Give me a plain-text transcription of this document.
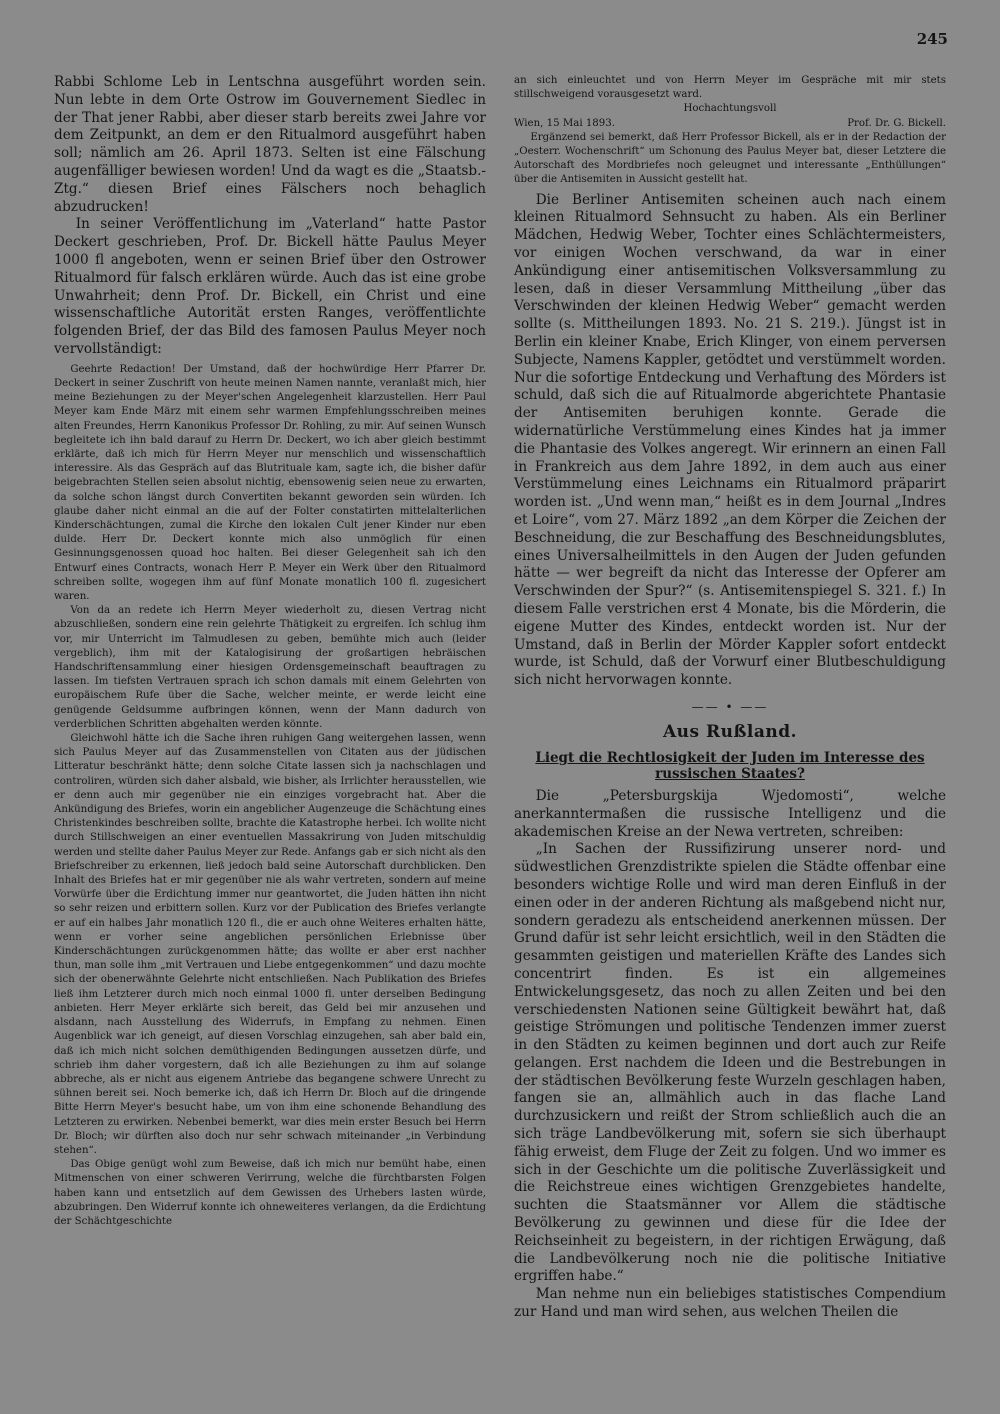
245

Rabbi Schlome Leb in Lentschna ausgeführt worden sein. Nun lebte in dem Orte Ostrow im Gouvernement Siedlec in der That jener Rabbi, aber dieser starb bereits zwei Jahre vor dem Zeitpunkt, an dem er den Ritualmord ausgeführt haben soll; nämlich am 26. April 1873. Selten ist eine Fälschung augenfälliger bewiesen worden! Und da wagt es die „Staatsb.-Ztg.“ diesen Brief eines Fälschers noch behaglich abzudrucken!

In seiner Veröffentlichung im „Vaterland“ hatte Pastor Deckert geschrieben, Prof. Dr. Bickell hätte Paulus Meyer 1000 fl angeboten, wenn er seinen Brief über den Ostrower Ritualmord für falsch erklären würde. Auch das ist eine grobe Unwahrheit; denn Prof. Dr. Bickell, ein Christ und eine wissenschaftliche Autorität ersten Ranges, veröffentlichte folgenden Brief, der das Bild des famosen Paulus Meyer noch vervollständigt:

Geehrte Redaction! Der Umstand, daß der hochwürdige Herr Pfarrer Dr. Deckert in seiner Zuschrift von heute meinen Namen nannte, veranlaßt mich, hier meine Beziehungen zu der Meyer'schen Angelegenheit klarzustellen. Herr Paul Meyer kam Ende März mit einem sehr warmen Empfehlungsschreiben meines alten Freundes, Herrn Kanonikus Professor Dr. Rohling, zu mir. Auf seinen Wunsch begleitete ich ihn bald darauf zu Herrn Dr. Deckert, wo ich aber gleich bestimmt erklärte, daß ich mich für Herrn Meyer nur menschlich und wissenschaftlich interessire. Als das Gespräch auf das Blutrituale kam, sagte ich, die bisher dafür beigebrachten Stellen seien absolut nichtig, ebensowenig seien neue zu erwarten, da solche schon längst durch Convertiten bekannt geworden sein würden. Ich glaube daher nicht einmal an die auf der Folter constatirten mittelalterlichen Kinderschächtungen, zumal die Kirche den lokalen Cult jener Kinder nur eben dulde. Herr Dr. Deckert konnte mich also unmöglich für einen Gesinnungsgenossen quoad hoc halten. Bei dieser Gelegenheit sah ich den Entwurf eines Contracts, wonach Herr P. Meyer ein Werk über den Ritualmord schreiben sollte, wogegen ihm auf fünf Monate monatlich 100 fl. zugesichert waren.

Von da an redete ich Herrn Meyer wiederholt zu, diesen Vertrag nicht abzuschließen, sondern eine rein gelehrte Thätigkeit zu ergreifen. Ich schlug ihm vor, mir Unterricht im Talmudlesen zu geben, bemühte mich auch (leider vergeblich), ihm mit der Katalogisirung der großartigen hebräischen Handschriftensammlung einer hiesigen Ordensgemeinschaft beauftragen zu lassen. Im tiefsten Vertrauen sprach ich schon damals mit einem Gelehrten von europäischem Rufe über die Sache, welcher meinte, er werde leicht eine genügende Geldsumme aufbringen können, wenn der Mann dadurch von verderblichen Schritten abgehalten werden könnte.

Gleichwohl hätte ich die Sache ihren ruhigen Gang weitergehen lassen, wenn sich Paulus Meyer auf das Zusammenstellen von Citaten aus der jüdischen Litteratur beschränkt hätte; denn solche Citate lassen sich ja nachschlagen und controliren, würden sich daher alsbald, wie bisher, als Irrlichter herausstellen, wie er denn auch mir gegenüber nie ein einziges vorgebracht hat. Aber die Ankündigung des Briefes, worin ein angeblicher Augenzeuge die Schächtung eines Christenkindes beschreiben sollte, brachte die Katastrophe herbei. Ich wollte nicht durch Stillschweigen an einer eventuellen Massakrirung von Juden mitschuldig werden und stellte daher Paulus Meyer zur Rede. Anfangs gab er sich nicht als den Briefschreiber zu erkennen, ließ jedoch bald seine Autorschaft durchblicken. Den Inhalt des Briefes hat er mir gegenüber nie als wahr vertreten, sondern auf meine Vorwürfe über die Erdichtung immer nur geantwortet, die Juden hätten ihn nicht so sehr reizen und erbittern sollen. Kurz vor der Publication des Briefes verlangte er auf ein halbes Jahr monatlich 120 fl., die er auch ohne Weiteres erhalten hätte, wenn er vorher seine angeblichen persönlichen Erlebnisse über Kinderschächtungen zurückgenommen hätte; das wollte er aber erst nachher thun, man solle ihm „mit Vertrauen und Liebe entgegenkommen“ und dazu mochte sich der obenerwähnte Gelehrte nicht entschließen. Nach Publikation des Briefes ließ ihm Letzterer durch mich noch einmal 1000 fl. unter derselben Bedingung anbieten. Herr Meyer erklärte sich bereit, das Geld bei mir anzusehen und alsdann, nach Ausstellung des Widerrufs, in Empfang zu nehmen. Einen Augenblick war ich geneigt, auf diesen Vorschlag einzugehen, sah aber bald ein, daß ich mich nicht solchen demüthigenden Bedingungen aussetzen dürfe, und schrieb ihm daher vorgestern, daß ich alle Beziehungen zu ihm auf solange abbreche, als er nicht aus eigenem Antriebe das begangene schwere Unrecht zu sühnen bereit sei. Noch bemerke ich, daß ich Herrn Dr. Bloch auf die dringende Bitte Herrn Meyer's besucht habe, um von ihm eine schonende Behandlung des Letzteren zu erwirken. Nebenbei bemerkt, war dies mein erster Besuch bei Herrn Dr. Bloch; wir dürften also doch nur sehr schwach miteinander „in Verbindung stehen“.

Das Obige genügt wohl zum Beweise, daß ich mich nur bemüht habe, einen Mitmenschen von einer schweren Verirrung, welche die fürchtbarsten Folgen haben kann und entsetzlich auf dem Gewissen des Urhebers lasten würde, abzubringen. Den Widerruf konnte ich ohneweiteres verlangen, da die Erdichtung der Schächtgeschichte

an sich einleuchtet und von Herrn Meyer im Gespräche mit mir stets stillschweigend vorausgesetzt ward.

Hochachtungsvoll

Wien, 15 Mai 1893.	Prof. Dr. G. Bickell.

Ergänzend sei bemerkt, daß Herr Professor Bickell, als er in der Redaction der „Oesterr. Wochenschrift“ um Schonung des Paulus Meyer bat, dieser Letztere die Autorschaft des Mordbriefes noch geleugnet und interessante „Enthüllungen“ über die Antisemiten in Aussicht gestellt hat.

Die Berliner Antisemiten scheinen auch nach einem kleinen Ritualmord Sehnsucht zu haben. Als ein Berliner Mädchen, Hedwig Weber, Tochter eines Schlächtermeisters, vor einigen Wochen verschwand, da war in einer Ankündigung einer antisemitischen Volksversammlung zu lesen, daß in dieser Versammlung Mittheilung „über das Verschwinden der kleinen Hedwig Weber“ gemacht werden sollte (s. Mittheilungen 1893. No. 21 S. 219.). Jüngst ist in Berlin ein kleiner Knabe, Erich Klinger, von einem perversen Subjecte, Namens Kappler, getödtet und verstümmelt worden. Nur die sofortige Entdeckung und Verhaftung des Mörders ist schuld, daß sich die auf Ritualmorde abgerichtete Phantasie der Antisemiten beruhigen konnte. Gerade die widernatürliche Verstümmelung eines Kindes hat ja immer die Phantasie des Volkes angeregt. Wir erinnern an einen Fall in Frankreich aus dem Jahre 1892, in dem auch aus einer Verstümmelung eines Leichnams ein Ritualmord präparirt worden ist. „Und wenn man,“ heißt es in dem Journal „Indres et Loire“, vom 27. März 1892 „an dem Körper die Zeichen der Beschneidung, die zur Beschaffung des Beschneidungsblutes, eines Universalheilmittels in den Augen der Juden gefunden hätte — wer begreift da nicht das Interesse der Opferer am Verschwinden der Spur?“ (s. Antisemitenspiegel S. 321. f.) In diesem Falle verstrichen erst 4 Monate, bis die Mörderin, die eigene Mutter des Kindes, entdeckt worden ist. Nur der Umstand, daß in Berlin der Mörder Kappler sofort entdeckt wurde, ist Schuld, daß der Vorwurf einer Blutbeschuldigung sich nicht hervorwagen konnte.

—— • ——
Aus Rußland.
Liegt die Rechtlosigkeit der Juden im Interesse des russischen Staates?

Die „Petersburgskija Wjedomosti“, welche anerkanntermaßen die russische Intelligenz und die akademischen Kreise an der Newa vertreten, schreiben:

„In Sachen der Russifizirung unserer nord- und südwestlichen Grenzdistrikte spielen die Städte offenbar eine besonders wichtige Rolle und wird man deren Einfluß in der einen oder in der anderen Richtung als maßgebend nicht nur, sondern geradezu als entscheidend anerkennen müssen. Der Grund dafür ist sehr leicht ersichtlich, weil in den Städten die gesammten geistigen und materiellen Kräfte des Landes sich concentrirt finden. Es ist ein allgemeines Entwickelungsgesetz, das noch zu allen Zeiten und bei den verschiedensten Nationen seine Gültigkeit bewährt hat, daß geistige Strömungen und politische Tendenzen immer zuerst in den Städten zu keimen beginnen und dort auch zur Reife gelangen. Erst nachdem die Ideen und die Bestrebungen in der städtischen Bevölkerung feste Wurzeln geschlagen haben, fangen sie an, allmählich auch in das flache Land durchzusickern und reißt der Strom schließlich auch die an sich träge Landbevölkerung mit, sofern sie sich überhaupt fähig erweist, dem Fluge der Zeit zu folgen. Und wo immer es sich in der Geschichte um die politische Zuverlässigkeit und die Reichstreue eines wichtigen Grenzgebietes handelte, suchten die Staatsmänner vor Allem die städtische Bevölkerung zu gewinnen und diese für die Idee der Reichseinheit zu begeistern, in der richtigen Erwägung, daß die Landbevölkerung noch nie die politische Initiative ergriffen habe.“

Man nehme nun ein beliebiges statistisches Compendium zur Hand und man wird sehen, aus welchen Theilen die
